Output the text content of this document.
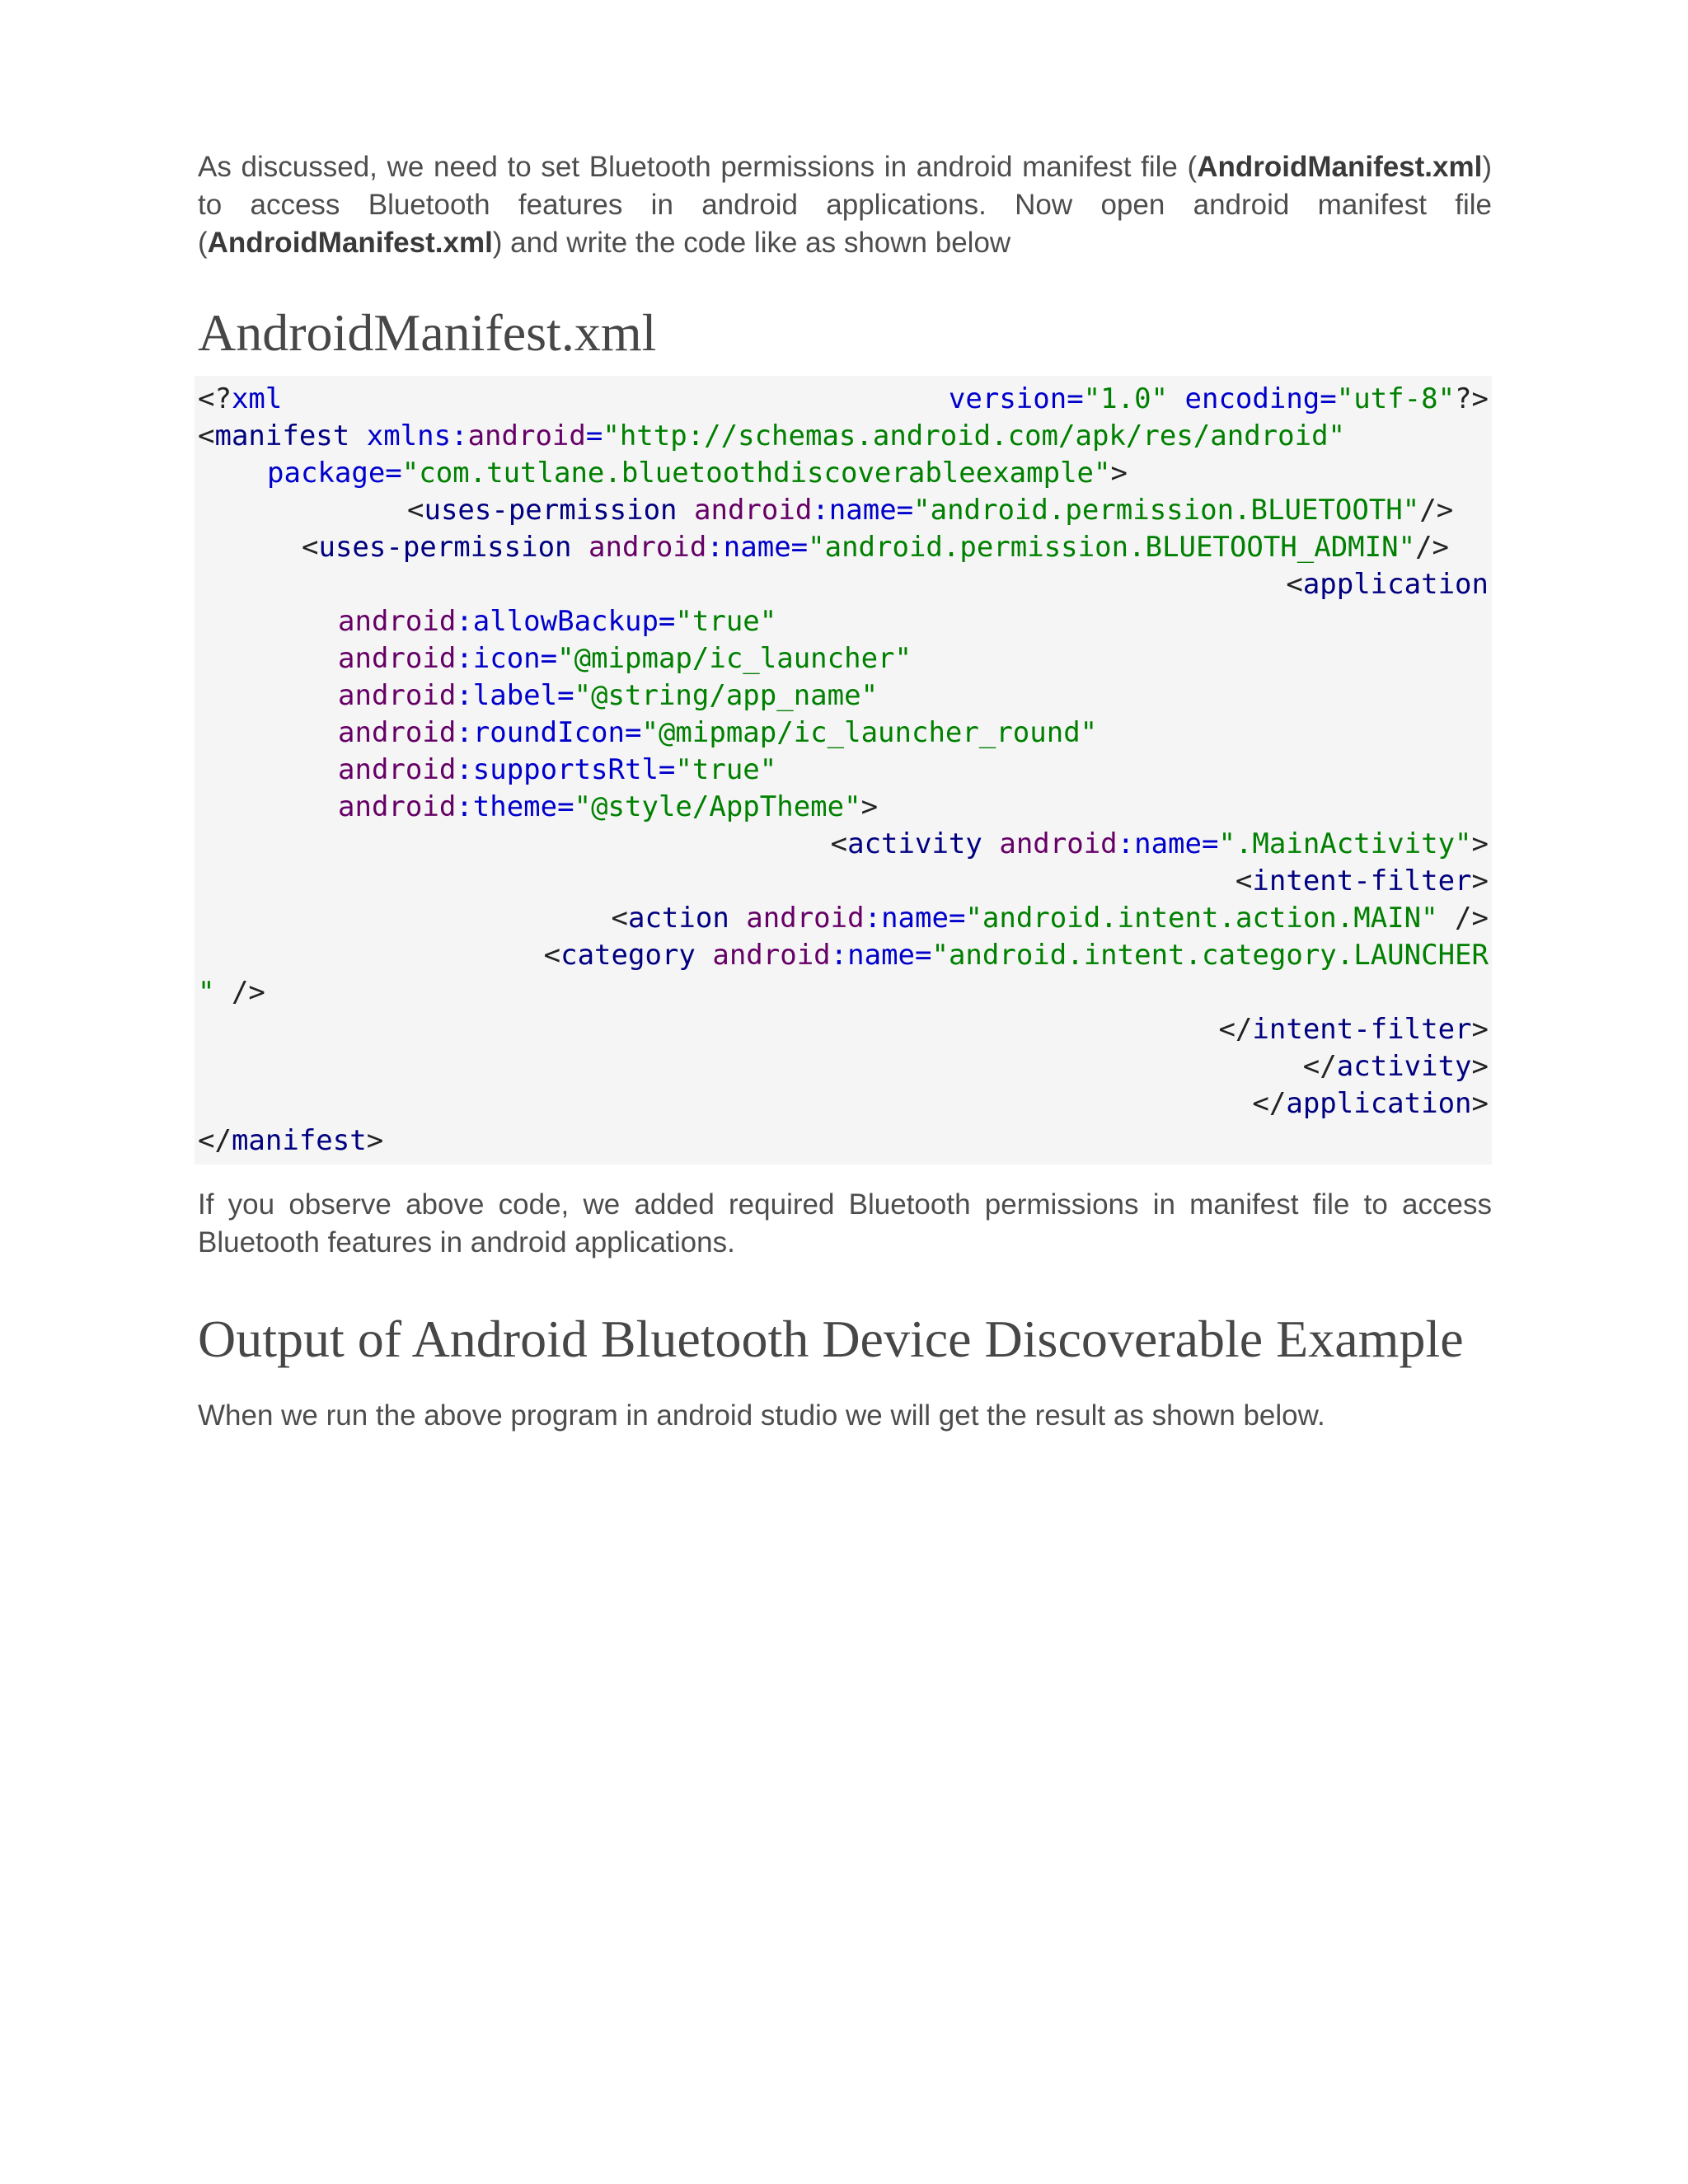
As discussed, we need to set Bluetooth permissions in android manifest file (AndroidManifest.xml) to access Bluetooth features in android applications. Now open android manifest file (AndroidManifest.xml) and write the code like as shown below

AndroidManifest.xml
<?xml	version="1.0" encoding="utf-8"?>
<manifest xmlns:android="http://schemas.android.com/apk/res/android"
package="com.tutlane.bluetoothdiscoverableexample">
<uses-permission android:name="android.permission.BLUETOOTH"/>
<uses-permission android:name="android.permission.BLUETOOTH_ADMIN"/>
<application
android:allowBackup="true"
android:icon="@mipmap/ic_launcher"
android:label="@string/app_name"
android:roundIcon="@mipmap/ic_launcher_round"
android:supportsRtl="true"
android:theme="@style/AppTheme">
<activity android:name=".MainActivity">
<intent-filter>
<action android:name="android.intent.action.MAIN" />
<category android:name="android.intent.category.LAUNCHER
" />
</intent-filter>
</activity>
</application>
</manifest>

If you observe above code, we added required Bluetooth permissions in manifest file to access Bluetooth features in android applications.

Output of Android Bluetooth Device Discoverable Example

When we run the above program in android studio we will get the result as shown below.
